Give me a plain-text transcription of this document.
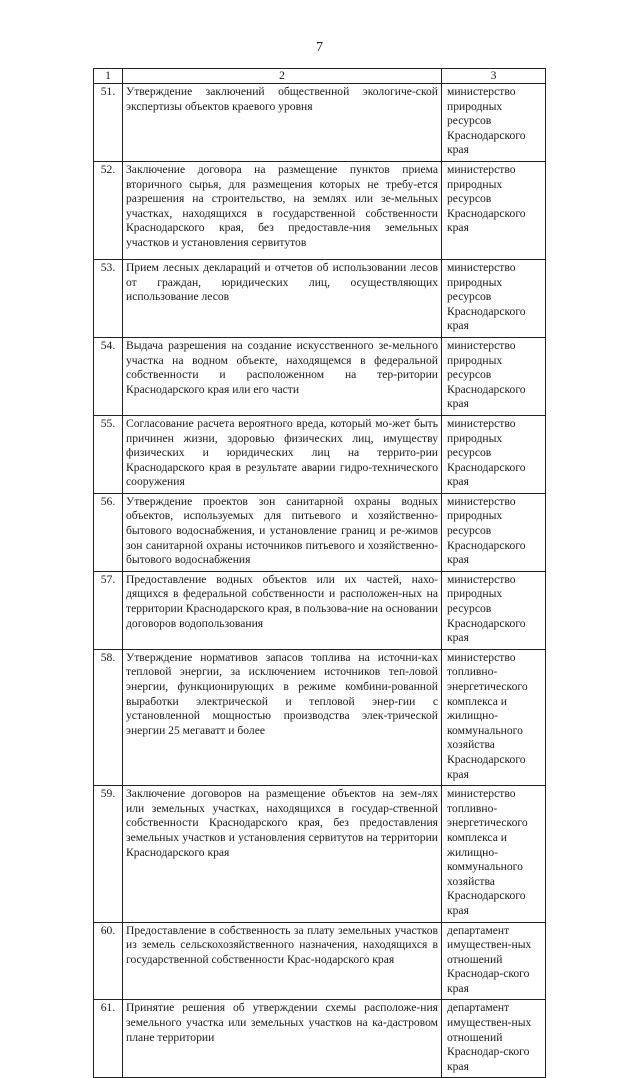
7
1	2	3
51.	Утверждение заключений общественной экологиче-ской экспертизы объектов краевого уровня	министерство природных ресурсов Краснодарского края
52.	Заключение договора на размещение пунктов приема вторичного сырья, для размещения которых не требу-ется разрешения на строительство, на землях или зе-мельных участках, находящихся в государственной собственности Краснодарского края, без предоставле-ния земельных участков и установления сервитутов	министерство природных ресурсов Краснодарского края
53.	Прием лесных деклараций и отчетов об использовании лесов от граждан, юридических лиц, осуществляющих использование лесов	министерство природных ресурсов Краснодарского края
54.	Выдача разрешения на создание искусственного зе-мельного участка на водном объекте, находящемся в федеральной собственности и расположенном на тер-ритории Краснодарского края или его части	министерство природных ресурсов Краснодарского края
55.	Согласование расчета вероятного вреда, который мо-жет быть причинен жизни, здоровью физических лиц, имуществу физических и юридических лиц на террито-рии Краснодарского края в результате аварии гидро-технического сооружения	министерство природных ресурсов Краснодарского края
56.	Утверждение проектов зон санитарной охраны водных объектов, используемых для питьевого и хозяйственно-бытового водоснабжения, и установление границ и ре-жимов зон санитарной охраны источников питьевого и хозяйственно-бытового водоснабжения	министерство природных ресурсов Краснодарского края
57.	Предоставление водных объектов или их частей, нахо-дящихся в федеральной собственности и расположен-ных на территории Краснодарского края, в пользова-ние на основании договоров водопользования	министерство природных ресурсов Краснодарского края
58.	Утверждение нормативов запасов топлива на источни-ках тепловой энергии, за исключением источников теп-ловой энергии, функционирующих в режиме комбини-рованной выработки электрической и тепловой энер-гии с установленной мощностью производства элек-трической энергии 25 мегаватт и более	министерство топливно-энергетического комплекса и жилищно-коммунального хозяйства Краснодарского края
59.	Заключение договоров на размещение объектов на зем-лях или земельных участках, находящихся в государ-ственной собственности Краснодарского края, без предоставления земельных участков и установления сервитутов на территории Краснодарского края	министерство топливно-энергетического комплекса и жилищно-коммунального хозяйства Краснодарского края
60.	Предоставление в собственность за плату земельных участков из земель сельскохозяйственного назначения, находящихся в государственной собственности Крас-нодарского края	департамент имуществен-ных отношений Краснодар-ского края
61.	Принятие решения об утверждении схемы расположе-ния земельного участка или земельных участков на ка-дастровом плане территории	департамент имуществен-ных отношений Краснодар-ского края
